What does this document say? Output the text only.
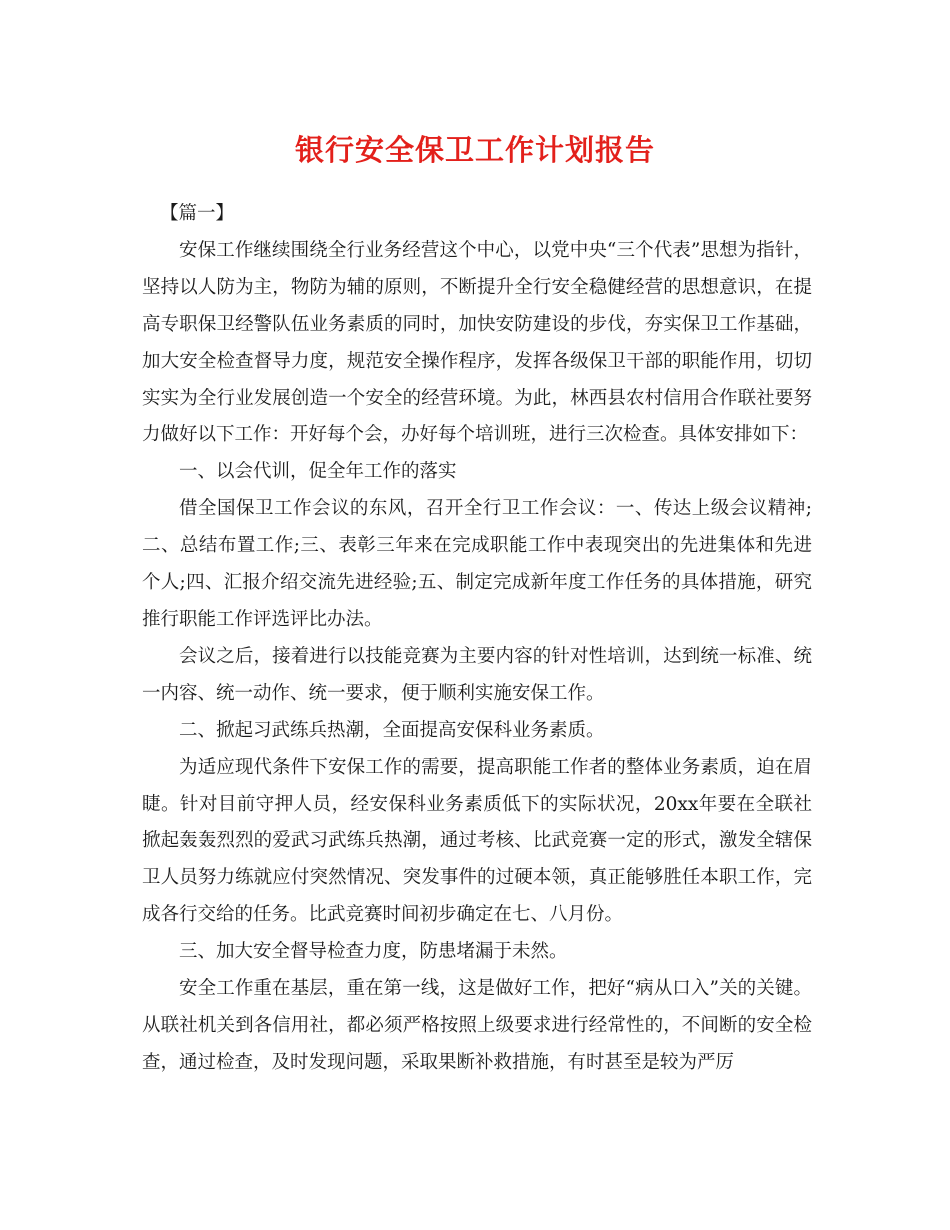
银行安全保卫工作计划报告

【篇一】

安保工作继续围绕全行业务经营这个中心，以党中央“三个代表”思想为指针，坚持以人防为主，物防为辅的原则，不断提升全行安全稳健经营的思想意识，在提高专职保卫经警队伍业务素质的同时，加快安防建设的步伐，夯实保卫工作基础，加大安全检查督导力度，规范安全操作程序，发挥各级保卫干部的职能作用，切切实实为全行业发展创造一个安全的经营环境。为此，林西县农村信用合作联社要努力做好以下工作：开好每个会，办好每个培训班，进行三次检查。具体安排如下：

一、以会代训，促全年工作的落实

借全国保卫工作会议的东风，召开全行卫工作会议：一、传达上级会议精神;二、总结布置工作;三、表彰三年来在完成职能工作中表现突出的先进集体和先进个人;四、汇报介绍交流先进经验;五、制定完成新年度工作任务的具体措施，研究推行职能工作评选评比办法。

会议之后，接着进行以技能竞赛为主要内容的针对性培训，达到统一标准、统一内容、统一动作、统一要求，便于顺利实施安保工作。

二、掀起习武练兵热潮，全面提高安保科业务素质。

为适应现代条件下安保工作的需要，提高职能工作者的整体业务素质，迫在眉睫。针对目前守押人员，经安保科业务素质低下的实际状况，20xx年要在全联社掀起轰轰烈烈的爱武习武练兵热潮，通过考核、比武竞赛一定的形式，激发全辖保卫人员努力练就应付突然情况、突发事件的过硬本领，真正能够胜任本职工作，完成各行交给的任务。比武竞赛时间初步确定在七、八月份。

三、加大安全督导检查力度，防患堵漏于未然。

安全工作重在基层，重在第一线，这是做好工作，把好“病从口入”关的关键。从联社机关到各信用社，都必须严格按照上级要求进行经常性的，不间断的安全检查，通过检查，及时发现问题，采取果断补救措施，有时甚至是较为严厉
